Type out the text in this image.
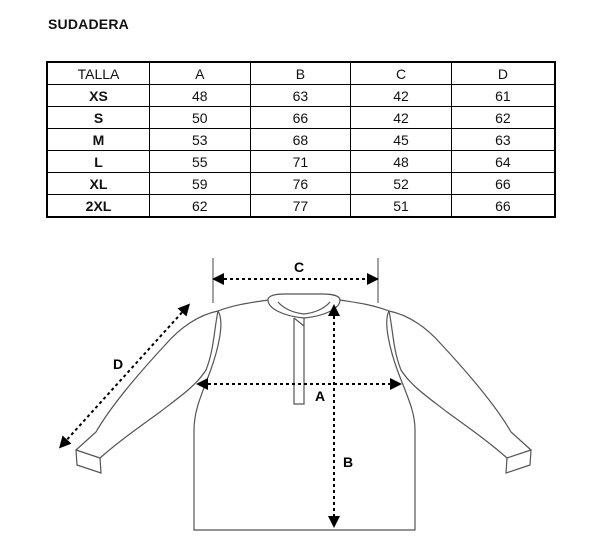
SUDADERA
TALLA	A	B	C	D
XS	48	63	42	61
S	50	66	42	62
M	53	68	45	63
L	55	71	48	64
XL	59	76	52	66
2XL	62	77	51	66
C
A
B
D
